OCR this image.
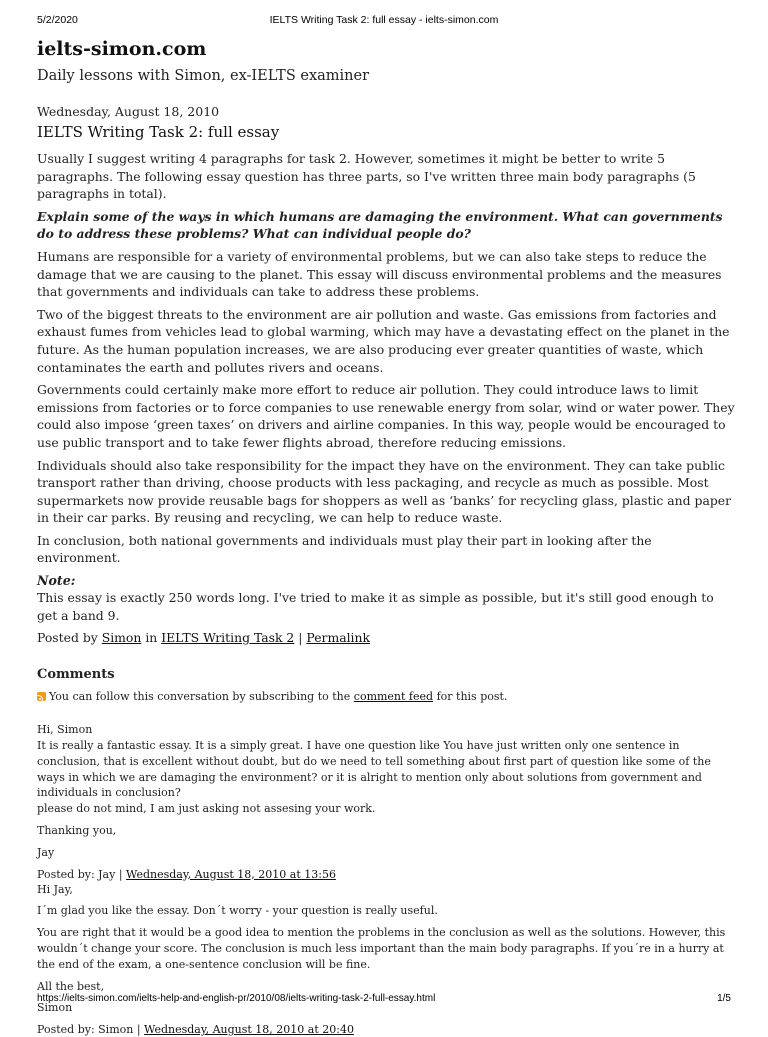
5/2/2020	IELTS Writing Task 2: full essay - ielts-simon.com
ielts-simon.com
Daily lessons with Simon, ex-IELTS examiner
Wednesday, August 18, 2010
IELTS Writing Task 2: full essay

Usually I suggest writing 4 paragraphs for task 2. However, sometimes it might be better to write 5 paragraphs. The following essay question has three parts, so I've written three main body paragraphs (5 paragraphs in total).

Explain some of the ways in which humans are damaging the environment. What can governments do to address these problems? What can individual people do?

Humans are responsible for a variety of environmental problems, but we can also take steps to reduce the damage that we are causing to the planet. This essay will discuss environmental problems and the measures that governments and individuals can take to address these problems.

Two of the biggest threats to the environment are air pollution and waste. Gas emissions from factories and exhaust fumes from vehicles lead to global warming, which may have a devastating effect on the planet in the future. As the human population increases, we are also producing ever greater quantities of waste, which contaminates the earth and pollutes rivers and oceans.

Governments could certainly make more effort to reduce air pollution. They could introduce laws to limit emissions from factories or to force companies to use renewable energy from solar, wind or water power. They could also impose ‘green taxes’ on drivers and airline companies. In this way, people would be encouraged to use public transport and to take fewer flights abroad, therefore reducing emissions.

Individuals should also take responsibility for the impact they have on the environment. They can take public transport rather than driving, choose products with less packaging, and recycle as much as possible. Most supermarkets now provide reusable bags for shoppers as well as ‘banks’ for recycling glass, plastic and paper in their car parks. By reusing and recycling, we can help to reduce waste.

In conclusion, both national governments and individuals must play their part in looking after the environment.

Note:

This essay is exactly 250 words long. I've tried to make it as simple as possible, but it's still good enough to get a band 9.

Posted by Simon in IELTS Writing Task 2 | Permalink
Comments
You can follow this conversation by subscribing to the
comment feed
for this post.
Hi, Simon
It is really a fantastic essay. It is a simply great. I have one question like You have just written only one sentence in conclusion, that is excellent without doubt, but do we need to tell something about first part of question like some of the ways in which we are damaging the environment? or it is alright to mention only about solutions from government and individuals in conclusion?

please do not mind, I am just asking not assesing your work.

Thanking you,

Jay

Posted by: Jay | Wednesday, August 18, 2010 at 13:56

Hi Jay,

I´m glad you like the essay. Don´t worry - your question is really useful.

You are right that it would be a good idea to mention the problems in the conclusion as well as the solutions. However, this wouldn´t change your score. The conclusion is much less important than the main body paragraphs. If you´re in a hurry at the end of the exam, a one-sentence conclusion will be fine.

All the best,

Simon

Posted by: Simon | Wednesday, August 18, 2010 at 20:40
https://ielts-simon.com/ielts-help-and-english-pr/2010/08/ielts-writing-task-2-full-essay.html	1/5
